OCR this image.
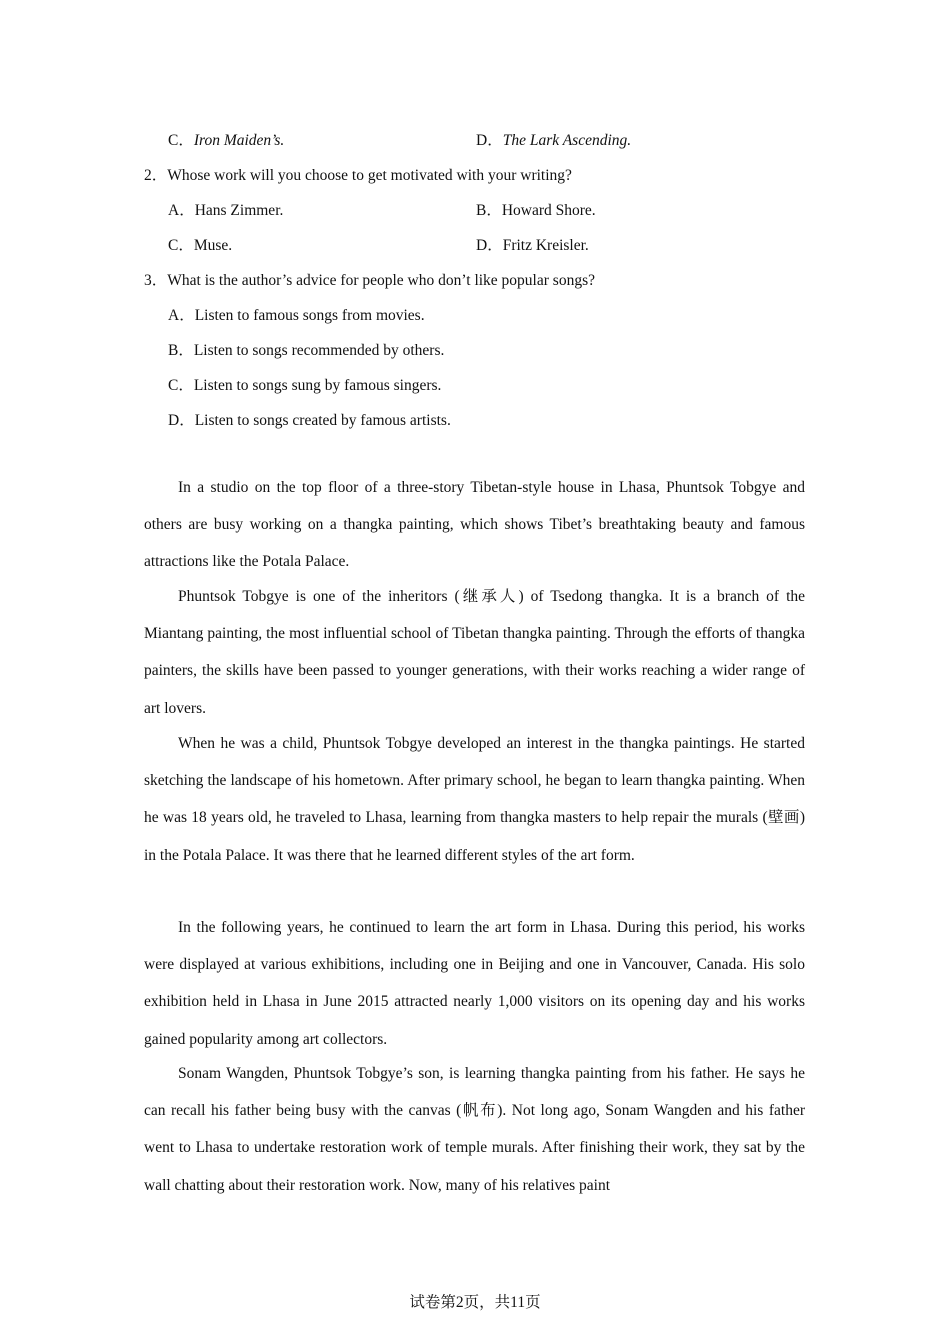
C．Iron Maiden’s.	D．The Lark Ascending.
2．Whose work will you choose to get motivated with your writing?
A．Hans Zimmer.	B．Howard Shore.
C．Muse.	D．Fritz Kreisler.
3．What is the author’s advice for people who don’t like popular songs?
A．Listen to famous songs from movies.
B．Listen to songs recommended by others.
C．Listen to songs sung by famous singers.
D．Listen to songs created by famous artists.

In a studio on the top floor of a three-story Tibetan-style house in Lhasa, Phuntsok Tobgye and others are busy working on a thangka painting, which shows Tibet’s breathtaking beauty and famous attractions like the Potala Palace.

Phuntsok Tobgye is one of the inheritors (继承人) of Tsedong thangka. It is a branch of the Miantang painting, the most influential school of Tibetan thangka painting. Through the efforts of thangka painters, the skills have been passed to younger generations, with their works reaching a wider range of art lovers.

When he was a child, Phuntsok Tobgye developed an interest in the thangka paintings. He started sketching the landscape of his hometown. After primary school, he began to learn thangka painting. When he was 18 years old, he traveled to Lhasa, learning from thangka masters to help repair the murals (壁画) in the Potala Palace. It was there that he learned different styles of the art form.

In the following years, he continued to learn the art form in Lhasa. During this period, his works were displayed at various exhibitions, including one in Beijing and one in Vancouver, Canada. His solo exhibition held in Lhasa in June 2015 attracted nearly 1,000 visitors on its opening day and his works gained popularity among art collectors.

Sonam Wangden, Phuntsok Tobgye’s son, is learning thangka painting from his father. He says he can recall his father being busy with the canvas (帆布). Not long ago, Sonam Wangden and his father went to Lhasa to undertake restoration work of temple murals. After finishing their work, they sat by the wall chatting about their restoration work. Now, many of his relatives paint

试卷第2页，共11页
